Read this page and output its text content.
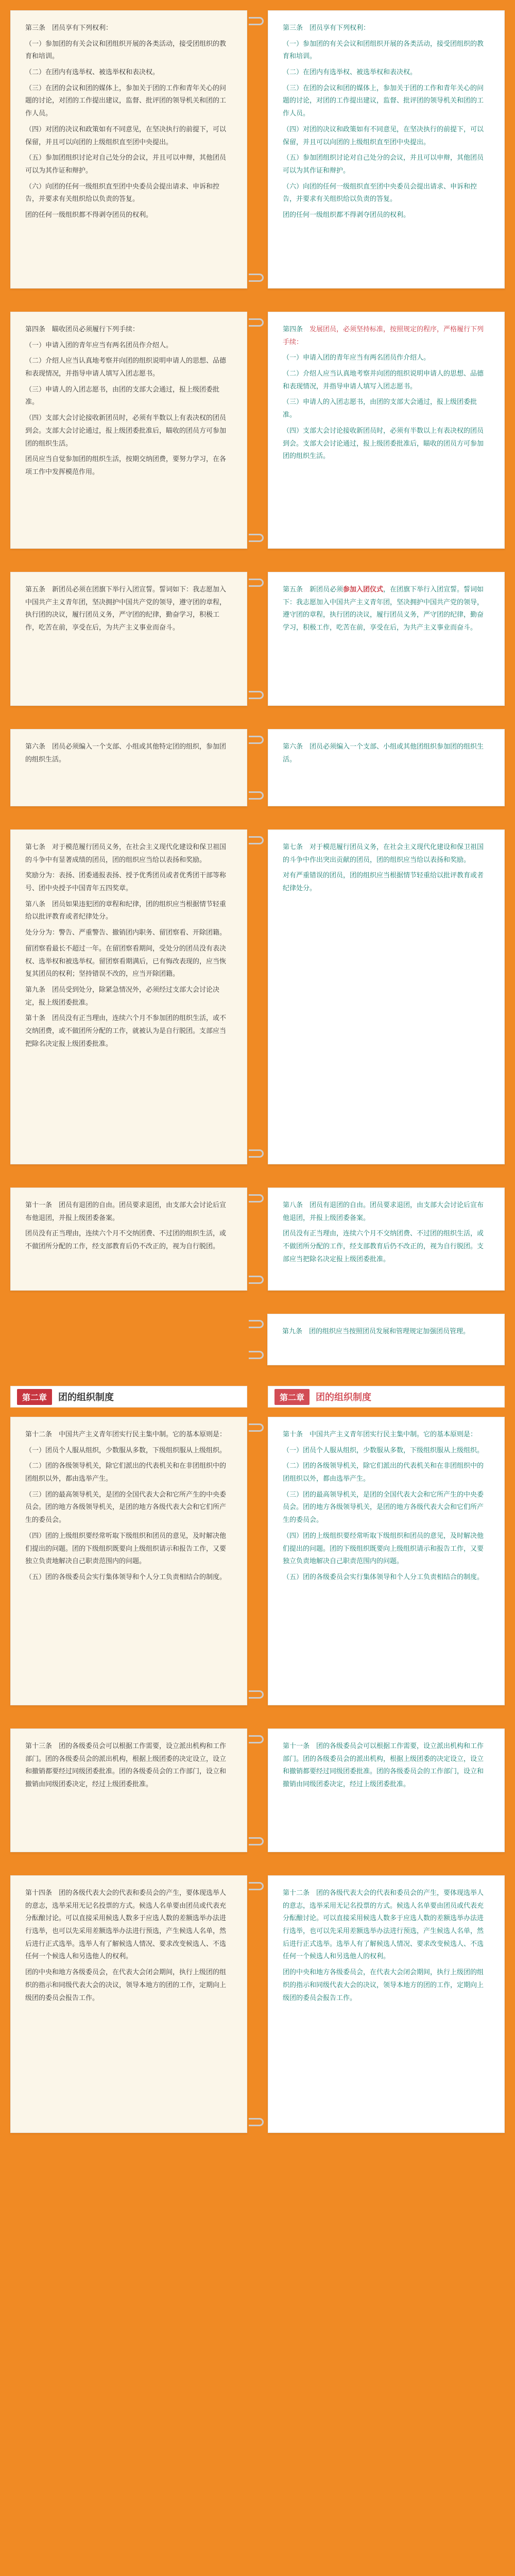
第三条　团员享有下列权利：

（一）参加团的有关会议和团组织开展的各类活动，接受团组织的教育和培训。

（二）在团内有选举权、被选举权和表决权。

（三）在团的会议和团的媒体上，参加关于团的工作和青年关心的问题的讨论，对团的工作提出建议，监督、批评团的领导机关和团的工作人员。

（四）对团的决议和政策如有不同意见，在坚决执行的前提下，可以保留，并且可以向团的上级组织直至团中央提出。

（五）参加团组织讨论对自己处分的会议，并且可以申辩，其他团员可以为其作证和辩护。

（六）向团的任何一级组织直至团中央委员会提出请求、申诉和控告，并要求有关组织给以负责的答复。

团的任何一级组织都不得剥夺团员的权利。

第三条　团员享有下列权利：

（一）参加团的有关会议和团组织开展的各类活动，接受团组织的教育和培训。

（二）在团内有选举权、被选举权和表决权。

（三）在团的会议和团的媒体上，参加关于团的工作和青年关心的问题的讨论，对团的工作提出建议，监督、批评团的领导机关和团的工作人员。

（四）对团的决议和政策如有不同意见，在坚决执行的前提下，可以保留，并且可以向团的上级组织直至团中央提出。

（五）参加团组织讨论对自己处分的会议，并且可以申辩，其他团员可以为其作证和辩护。

（六）向团的任何一级组织直至团中央委员会提出请求、申诉和控告，并要求有关组织给以负责的答复。

团的任何一级组织都不得剥夺团员的权利。

第四条　瞄收团员必须履行下列手续：

（一）申请入团的青年应当有两名团员作介绍人。

（二）介绍人应当认真地考察并向团的组织说明申请人的思想、品德和表现情况，并指导申请人填写入团志愿书。

（三）申请人的入团志愿书，由团的支部大会通过，报上级团委批准。

（四）支部大会讨论接收新团员时，必须有半数以上有表决权的团员到会。支部大会讨论通过，报上级团委批准后，瞄收的团员方可参加团的组织生活。

团员应当自觉参加团的组织生活，按期交纳团费，要努力学习，在各项工作中发挥模范作用。

第四条　发展团员，必须坚持标准，按照规定的程序，严格履行下列手续：

（一）申请入团的青年应当有两名团员作介绍人。

（二）介绍人应当认真地考察并向团的组织说明申请人的思想、品德和表现情况，并指导申请人填写入团志愿书。

（三）申请人的入团志愿书，由团的支部大会通过，报上级团委批准。

（四）支部大会讨论接收新团员时，必须有半数以上有表决权的团员到会。支部大会讨论通过，报上级团委批准后，瞄收的团员方可参加团的组织生活。

第五条　新团员必须在团旗下举行入团宣誓。誓词如下：我志愿加入中国共产主义青年团，坚决拥护中国共产党的领导，遵守团的章程，执行团的决议，履行团员义务，严守团的纪律，勤奋学习，积极工作，吃苦在前，享受在后，为共产主义事业而奋斗。

第五条　新团员必须参加入团仪式，在团旗下举行入团宣誓。誓词如下：我志愿加入中国共产主义青年团，坚决拥护中国共产党的领导，遵守团的章程，执行团的决议，履行团员义务，严守团的纪律，勤奋学习，积极工作，吃苦在前，享受在后，为共产主义事业而奋斗。

第六条　团员必须编入一个支部、小组或其他特定团的组织，参加团的组织生活。

第六条　团员必须编入一个支部、小组或其他团组织参加团的组织生活。

第七条　对于模范履行团员义务，在社会主义现代化建设和保卫祖国的斗争中有显著成绩的团员，团的组织应当给以表扬和奖励。

奖励分为：表扬、团委通报表扬、授予优秀团员或者优秀团干部等称号、团中央授予中国青年五四奖章。

第八条　团员如果违犯团的章程和纪律，团的组织应当根据情节轻重给以批评教育或者纪律处分。

处分分为：警告、严重警告、撤销团内职务、留团察看、开除团籍。

留团察看最长不超过一年。在留团察看期间，受处分的团员没有表决权、选举权和被选举权。留团察看期满后，已有悔改表现的，应当恢复其团员的权利；坚持错误不改的，应当开除团籍。

第九条　团员受到处分，除紧急情况外，必须经过支部大会讨论决定，报上级团委批准。

第十条　团员没有正当理由，连续六个月不参加团的组织生活，或不交纳团费，或不做团所分配的工作，就被认为是自行脱团。支部应当把除名决定报上级团委批准。

第七条　对于模范履行团员义务，在社会主义现代化建设和保卫祖国的斗争中作出突出贡献的团员，团的组织应当给以表扬和奖励。

对有严重错误的团员，团的组织应当根据情节轻重给以批评教育或者纪律处分。

第十一条　团员有退团的自由。团员要求退团，由支部大会讨论后宣布他退团，并报上级团委备案。

团员没有正当理由，连续六个月不交纳团费、不过团的组织生活，或不做团所分配的工作，经支部教育后仍不改正的，视为自行脱团。

第八条　团员有退团的自由。团员要求退团，由支部大会讨论后宣布他退团，并报上级团委备案。

团员没有正当理由，连续六个月不交纳团费、不过团的组织生活，或不做团所分配的工作，经支部教育后仍不改正的，视为自行脱团。支部应当把除名决定报上级团委批准。

第九条　团的组织应当按照团员发展和管理规定加强团员管理。

第二章	团的组织制度	第二章	团的组织制度

第十二条　中国共产主义青年团实行民主集中制。它的基本原则是：

（一）团员个人服从组织，少数服从多数，下级组织服从上级组织。

（二）团的各级领导机关，除它们派出的代表机关和在非团组织中的团组织以外，都由选举产生。

（三）团的最高领导机关，是团的全国代表大会和它所产生的中央委员会。团的地方各级领导机关，是团的地方各级代表大会和它们所产生的委员会。

（四）团的上级组织要经常听取下级组织和团员的意见，及时解决他们提出的问题。团的下级组织既要向上级组织请示和报告工作，又要独立负责地解决自己职责范围内的问题。

（五）团的各级委员会实行集体领导和个人分工负责相结合的制度。

第十条　中国共产主义青年团实行民主集中制。它的基本原则是：

（一）团员个人服从组织，少数服从多数，下级组织服从上级组织。

（二）团的各级领导机关，除它们派出的代表机关和在非团组织中的团组织以外，都由选举产生。

（三）团的最高领导机关，是团的全国代表大会和它所产生的中央委员会。团的地方各级领导机关，是团的地方各级代表大会和它们所产生的委员会。

（四）团的上级组织要经常听取下级组织和团员的意见，及时解决他们提出的问题。团的下级组织既要向上级组织请示和报告工作，又要独立负责地解决自己职责范围内的问题。

（五）团的各级委员会实行集体领导和个人分工负责相结合的制度。

第十三条　团的各级委员会可以根据工作需要，设立派出机构和工作部门。团的各级委员会的派出机构，根据上级团委的决定设立，设立和撤销都要经过同级团委批准。团的各级委员会的工作部门，设立和撤销由同级团委决定，经过上级团委批准。

第十一条　团的各级委员会可以根据工作需要，设立派出机构和工作部门。团的各级委员会的派出机构，根据上级团委的决定设立，设立和撤销都要经过同级团委批准。团的各级委员会的工作部门，设立和撤销由同级团委决定，经过上级团委批准。

第十四条　团的各级代表大会的代表和委员会的产生，要体现选举人的意志，选举采用无记名投票的方式。候选人名单要由团员或代表充分酝酿讨论。可以直接采用候选人数多于应选人数的差额选举办法进行选举，也可以先采用差额选举办法进行预选，产生候选人名单，然后进行正式选举。选举人有了解候选人情况、要求改变候选人、不选任何一个候选人和另选他人的权利。

团的中央和地方各级委员会，在代表大会闭会期间，执行上级团的组织的指示和同级代表大会的决议，领导本地方的团的工作，定期向上级团的委员会报告工作。

第十二条　团的各级代表大会的代表和委员会的产生，要体现选举人的意志，选举采用无记名投票的方式。候选人名单要由团员或代表充分酝酿讨论。可以直接采用候选人数多于应选人数的差额选举办法进行选举，也可以先采用差额选举办法进行预选，产生候选人名单，然后进行正式选举。选举人有了解候选人情况、要求改变候选人、不选任何一个候选人和另选他人的权利。

团的中央和地方各级委员会，在代表大会闭会期间，执行上级团的组织的指示和同级代表大会的决议，领导本地方的团的工作，定期向上级团的委员会报告工作。
